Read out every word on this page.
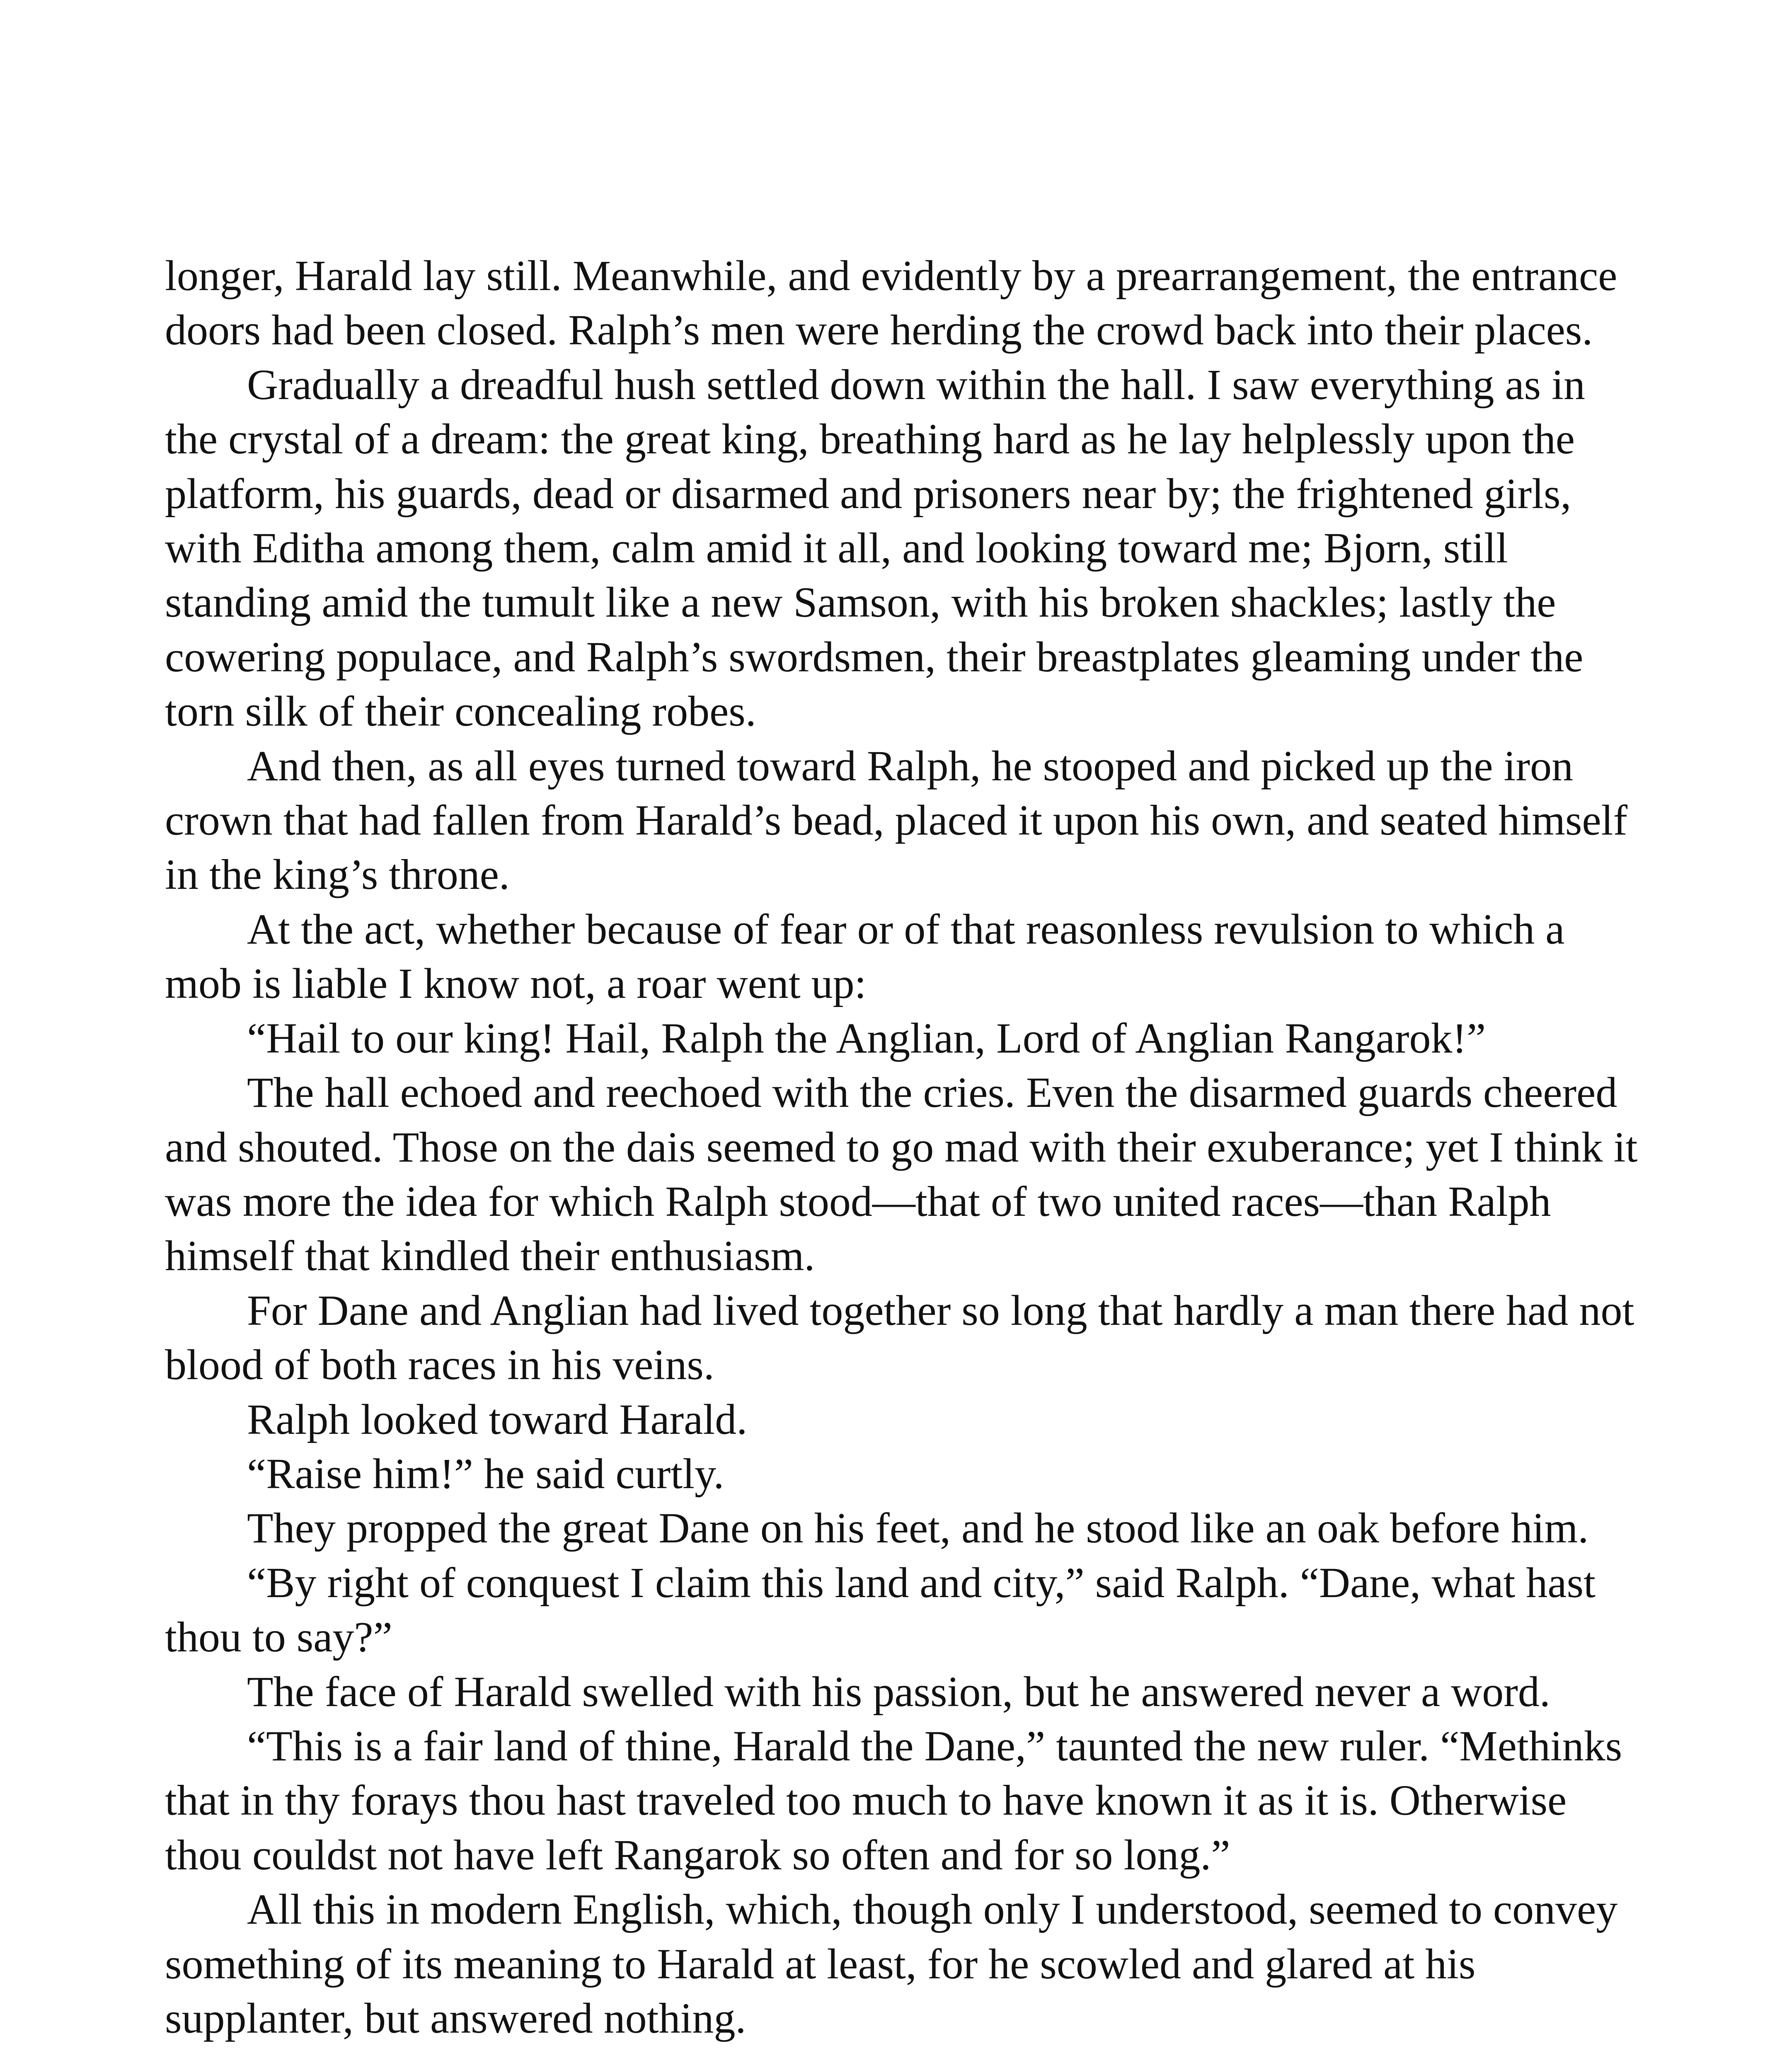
longer, Harald lay still. Meanwhile, and evidently by a prearrangement, the entrance doors had been closed. Ralph’s men were herding the crowd back into their places.

Gradually a dreadful hush settled down within the hall. I saw everything as in the crystal of a dream: the great king, breathing hard as he lay helplessly upon the platform, his guards, dead or disarmed and prisoners near by; the frightened girls, with Editha among them, calm amid it all, and looking toward me; Bjorn, still standing amid the tumult like a new Samson, with his broken shackles; lastly the cowering populace, and Ralph’s swordsmen, their breastplates gleaming under the torn silk of their concealing robes.

And then, as all eyes turned toward Ralph, he stooped and picked up the iron crown that had fallen from Harald’s bead, placed it upon his own, and seated himself in the king’s throne.

At the act, whether because of fear or of that reasonless revulsion to which a mob is liable I know not, a roar went up:

“Hail to our king! Hail, Ralph the Anglian, Lord of Anglian Rangarok!”

The hall echoed and reechoed with the cries. Even the disarmed guards cheered and shouted. Those on the dais seemed to go mad with their exuberance; yet I think it was more the idea for which Ralph stood—that of two united races—than Ralph himself that kindled their enthusiasm.

For Dane and Anglian had lived together so long that hardly a man there had not blood of both races in his veins.

Ralph looked toward Harald.

“Raise him!” he said curtly.

They propped the great Dane on his feet, and he stood like an oak before him.

“By right of conquest I claim this land and city,” said Ralph. “Dane, what hast thou to say?”

The face of Harald swelled with his passion, but he answered never a word.

“This is a fair land of thine, Harald the Dane,” taunted the new ruler. “Methinks that in thy forays thou hast traveled too much to have known it as it is. Otherwise thou couldst not have left Rangarok so often and for so long.”

All this in modern English, which, though only I understood, seemed to convey something of its meaning to Harald at least, for he scowled and glared at his supplanter, but answered nothing.
